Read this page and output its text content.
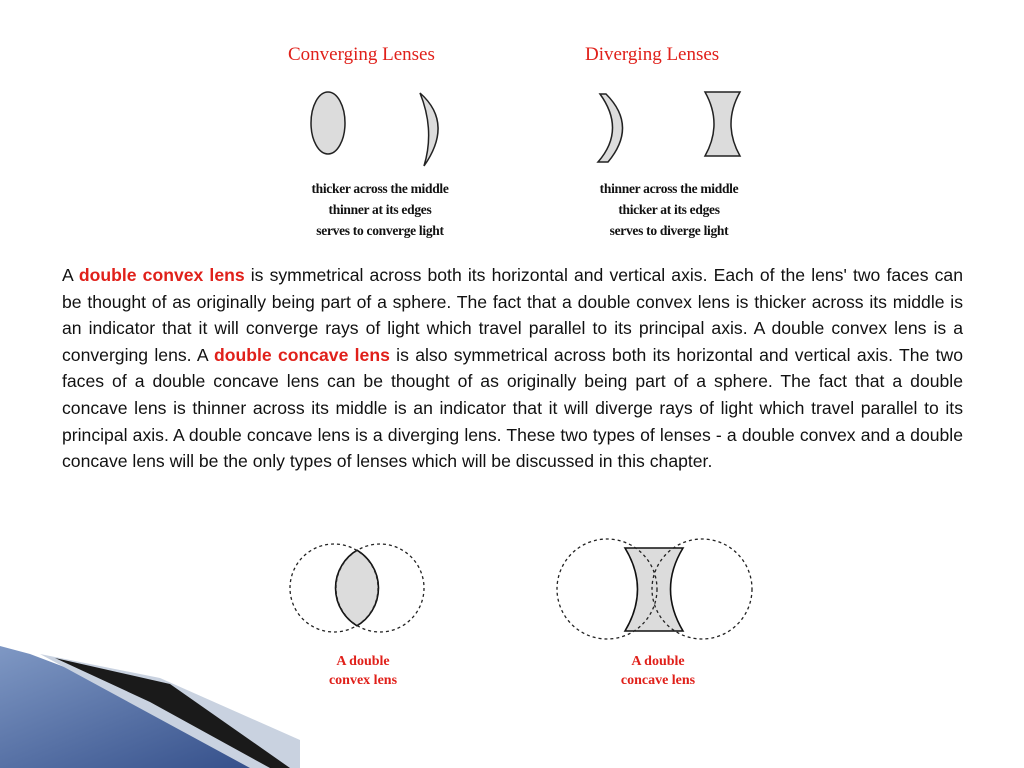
Converging Lenses	Diverging Lenses
thicker across the middle
thinner at its edges
serves to converge light
thinner across the middle
thicker at its edges
serves to diverge light
A double convex lens is symmetrical across both its horizontal and vertical axis. Each of the lens' two faces can be thought of as originally being part of a sphere. The fact that a double convex lens is thicker across its middle is an indicator that it will converge rays of light which travel parallel to its principal axis. A double convex lens is a converging lens. A double concave lens is also symmetrical across both its horizontal and vertical axis. The two faces of a double concave lens can be thought of as originally being part of a sphere. The fact that a double concave lens is thinner across its middle is an indicator that it will diverge rays of light which travel parallel to its principal axis. A double concave lens is a diverging lens. These two types of lenses - a double convex and a double concave lens will be the only types of lenses which will be discussed in this chapter.
A double
convex lens
A double
concave lens
